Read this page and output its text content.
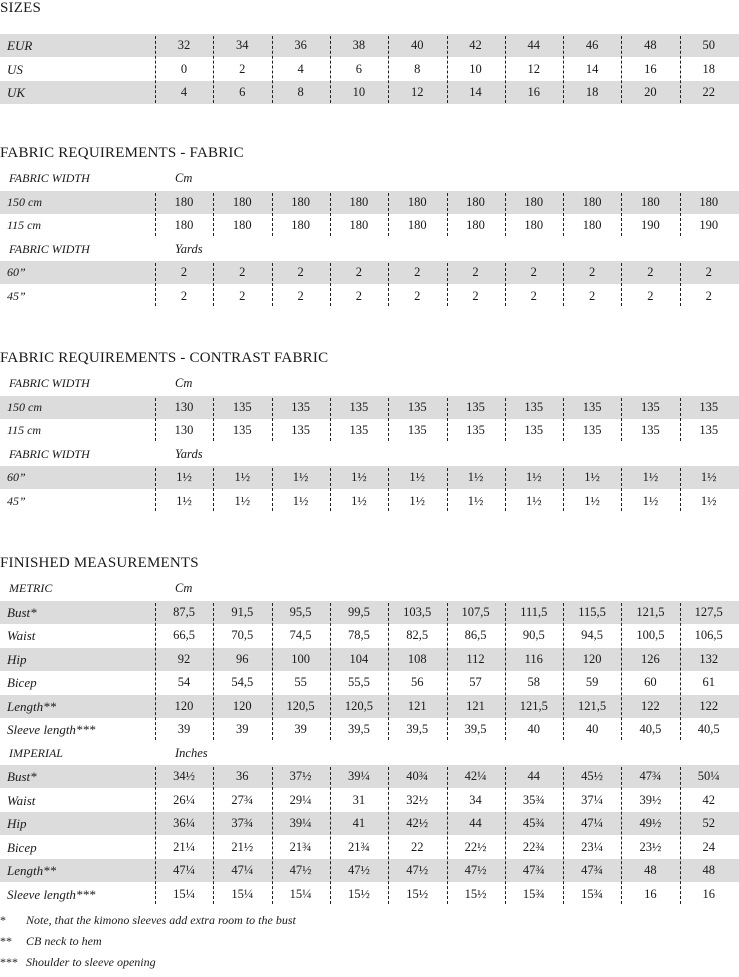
SIZES
EUR	32	34	36	38	40	42	44	46	48	50
US	0	2	4	6	8	10	12	14	16	18
UK	4	6	8	10	12	14	16	18	20	22
FABRIC REQUIREMENTS - FABRIC
FABRIC WIDTH	Cm
150 cm	180	180	180	180	180	180	180	180	180	180
115 cm	180	180	180	180	180	180	180	180	190	190
FABRIC WIDTH	Yards
60”	2	2	2	2	2	2	2	2	2	2
45”	2	2	2	2	2	2	2	2	2	2
FABRIC REQUIREMENTS - CONTRAST FABRIC
FABRIC WIDTH	Cm
150 cm	130	135	135	135	135	135	135	135	135	135
115 cm	130	135	135	135	135	135	135	135	135	135
FABRIC WIDTH	Yards
60”	1½	1½	1½	1½	1½	1½	1½	1½	1½	1½
45”	1½	1½	1½	1½	1½	1½	1½	1½	1½	1½
FINISHED MEASUREMENTS
METRIC	Cm
Bust*	87,5	91,5	95,5	99,5	103,5	107,5	111,5	115,5	121,5	127,5
Waist	66,5	70,5	74,5	78,5	82,5	86,5	90,5	94,5	100,5	106,5
Hip	92	96	100	104	108	112	116	120	126	132
Bicep	54	54,5	55	55,5	56	57	58	59	60	61
Length**	120	120	120,5	120,5	121	121	121,5	121,5	122	122
Sleeve length***	39	39	39	39,5	39,5	39,5	40	40	40,5	40,5
IMPERIAL	Inches
Bust*	34½	36	37½	39¼	40¾	42¼	44	45½	47¾	50¼
Waist	26¼	27¾	29¼	31	32½	34	35¾	37¼	39½	42
Hip	36¼	37¾	39¼	41	42½	44	45¾	47¼	49½	52
Bicep	21¼	21½	21¾	21¾	22	22½	22¾	23¼	23½	24
Length**	47¼	47¼	47½	47½	47½	47½	47¾	47¾	48	48
Sleeve length***	15¼	15¼	15¼	15½	15½	15½	15¾	15¾	16	16
* Note, that the kimono sleeves add extra room to the bust
** CB neck to hem
*** Shoulder to sleeve opening
